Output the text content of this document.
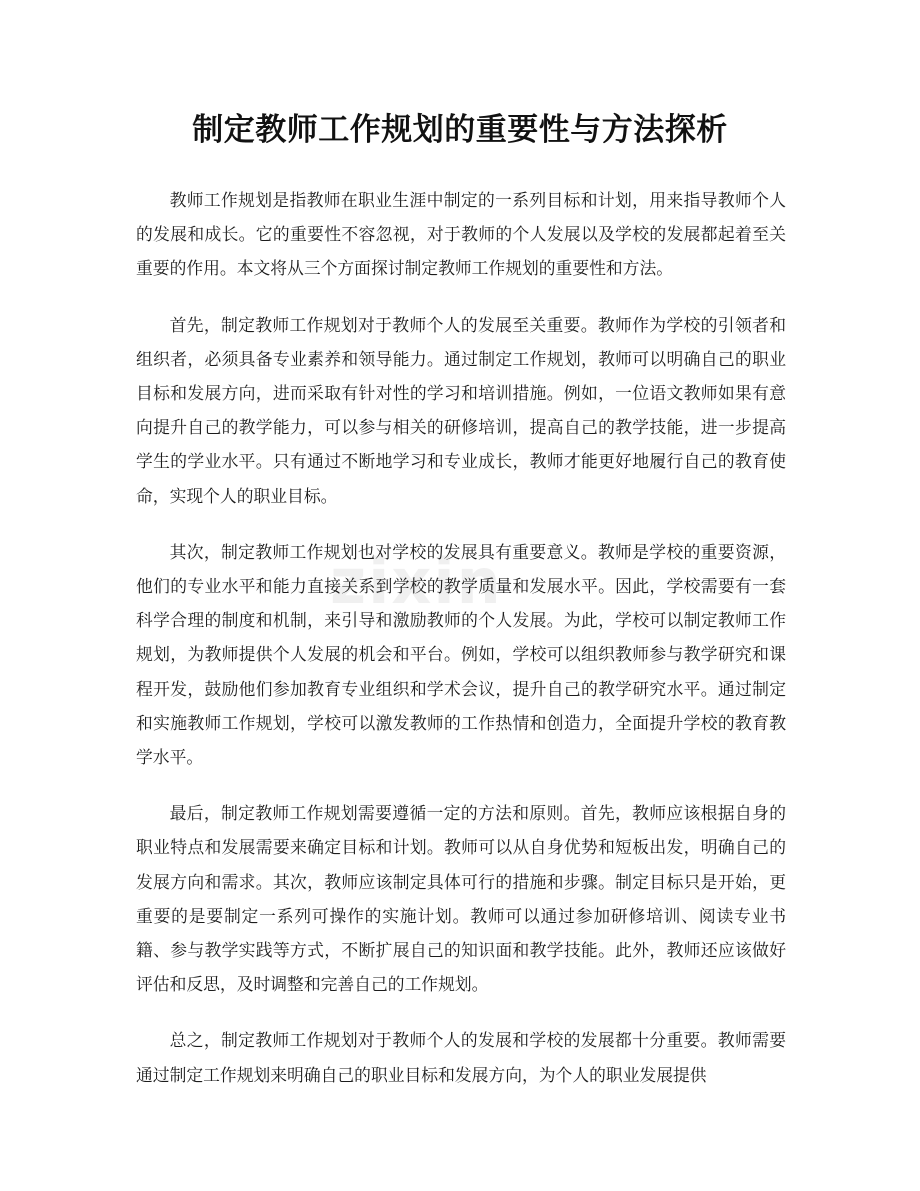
制定教师工作规划的重要性与方法探析
zixin

教师工作规划是指教师在职业生涯中制定的一系列目标和计划，用来指导教师个人的发展和成长。它的重要性不容忽视，对于教师的个人发展以及学校的发展都起着至关重要的作用。本文将从三个方面探讨制定教师工作规划的重要性和方法。

首先，制定教师工作规划对于教师个人的发展至关重要。教师作为学校的引领者和组织者，必须具备专业素养和领导能力。通过制定工作规划，教师可以明确自己的职业目标和发展方向，进而采取有针对性的学习和培训措施。例如，一位语文教师如果有意向提升自己的教学能力，可以参与相关的研修培训，提高自己的教学技能，进一步提高学生的学业水平。只有通过不断地学习和专业成长，教师才能更好地履行自己的教育使命，实现个人的职业目标。

其次，制定教师工作规划也对学校的发展具有重要意义。教师是学校的重要资源，他们的专业水平和能力直接关系到学校的教学质量和发展水平。因此，学校需要有一套科学合理的制度和机制，来引导和激励教师的个人发展。为此，学校可以制定教师工作规划，为教师提供个人发展的机会和平台。例如，学校可以组织教师参与教学研究和课程开发，鼓励他们参加教育专业组织和学术会议，提升自己的教学研究水平。通过制定和实施教师工作规划，学校可以激发教师的工作热情和创造力，全面提升学校的教育教学水平。

最后，制定教师工作规划需要遵循一定的方法和原则。首先，教师应该根据自身的职业特点和发展需要来确定目标和计划。教师可以从自身优势和短板出发，明确自己的发展方向和需求。其次，教师应该制定具体可行的措施和步骤。制定目标只是开始，更重要的是要制定一系列可操作的实施计划。教师可以通过参加研修培训、阅读专业书籍、参与教学实践等方式，不断扩展自己的知识面和教学技能。此外，教师还应该做好评估和反思，及时调整和完善自己的工作规划。

总之，制定教师工作规划对于教师个人的发展和学校的发展都十分重要。教师需要通过制定工作规划来明确自己的职业目标和发展方向，为个人的职业发展提供
